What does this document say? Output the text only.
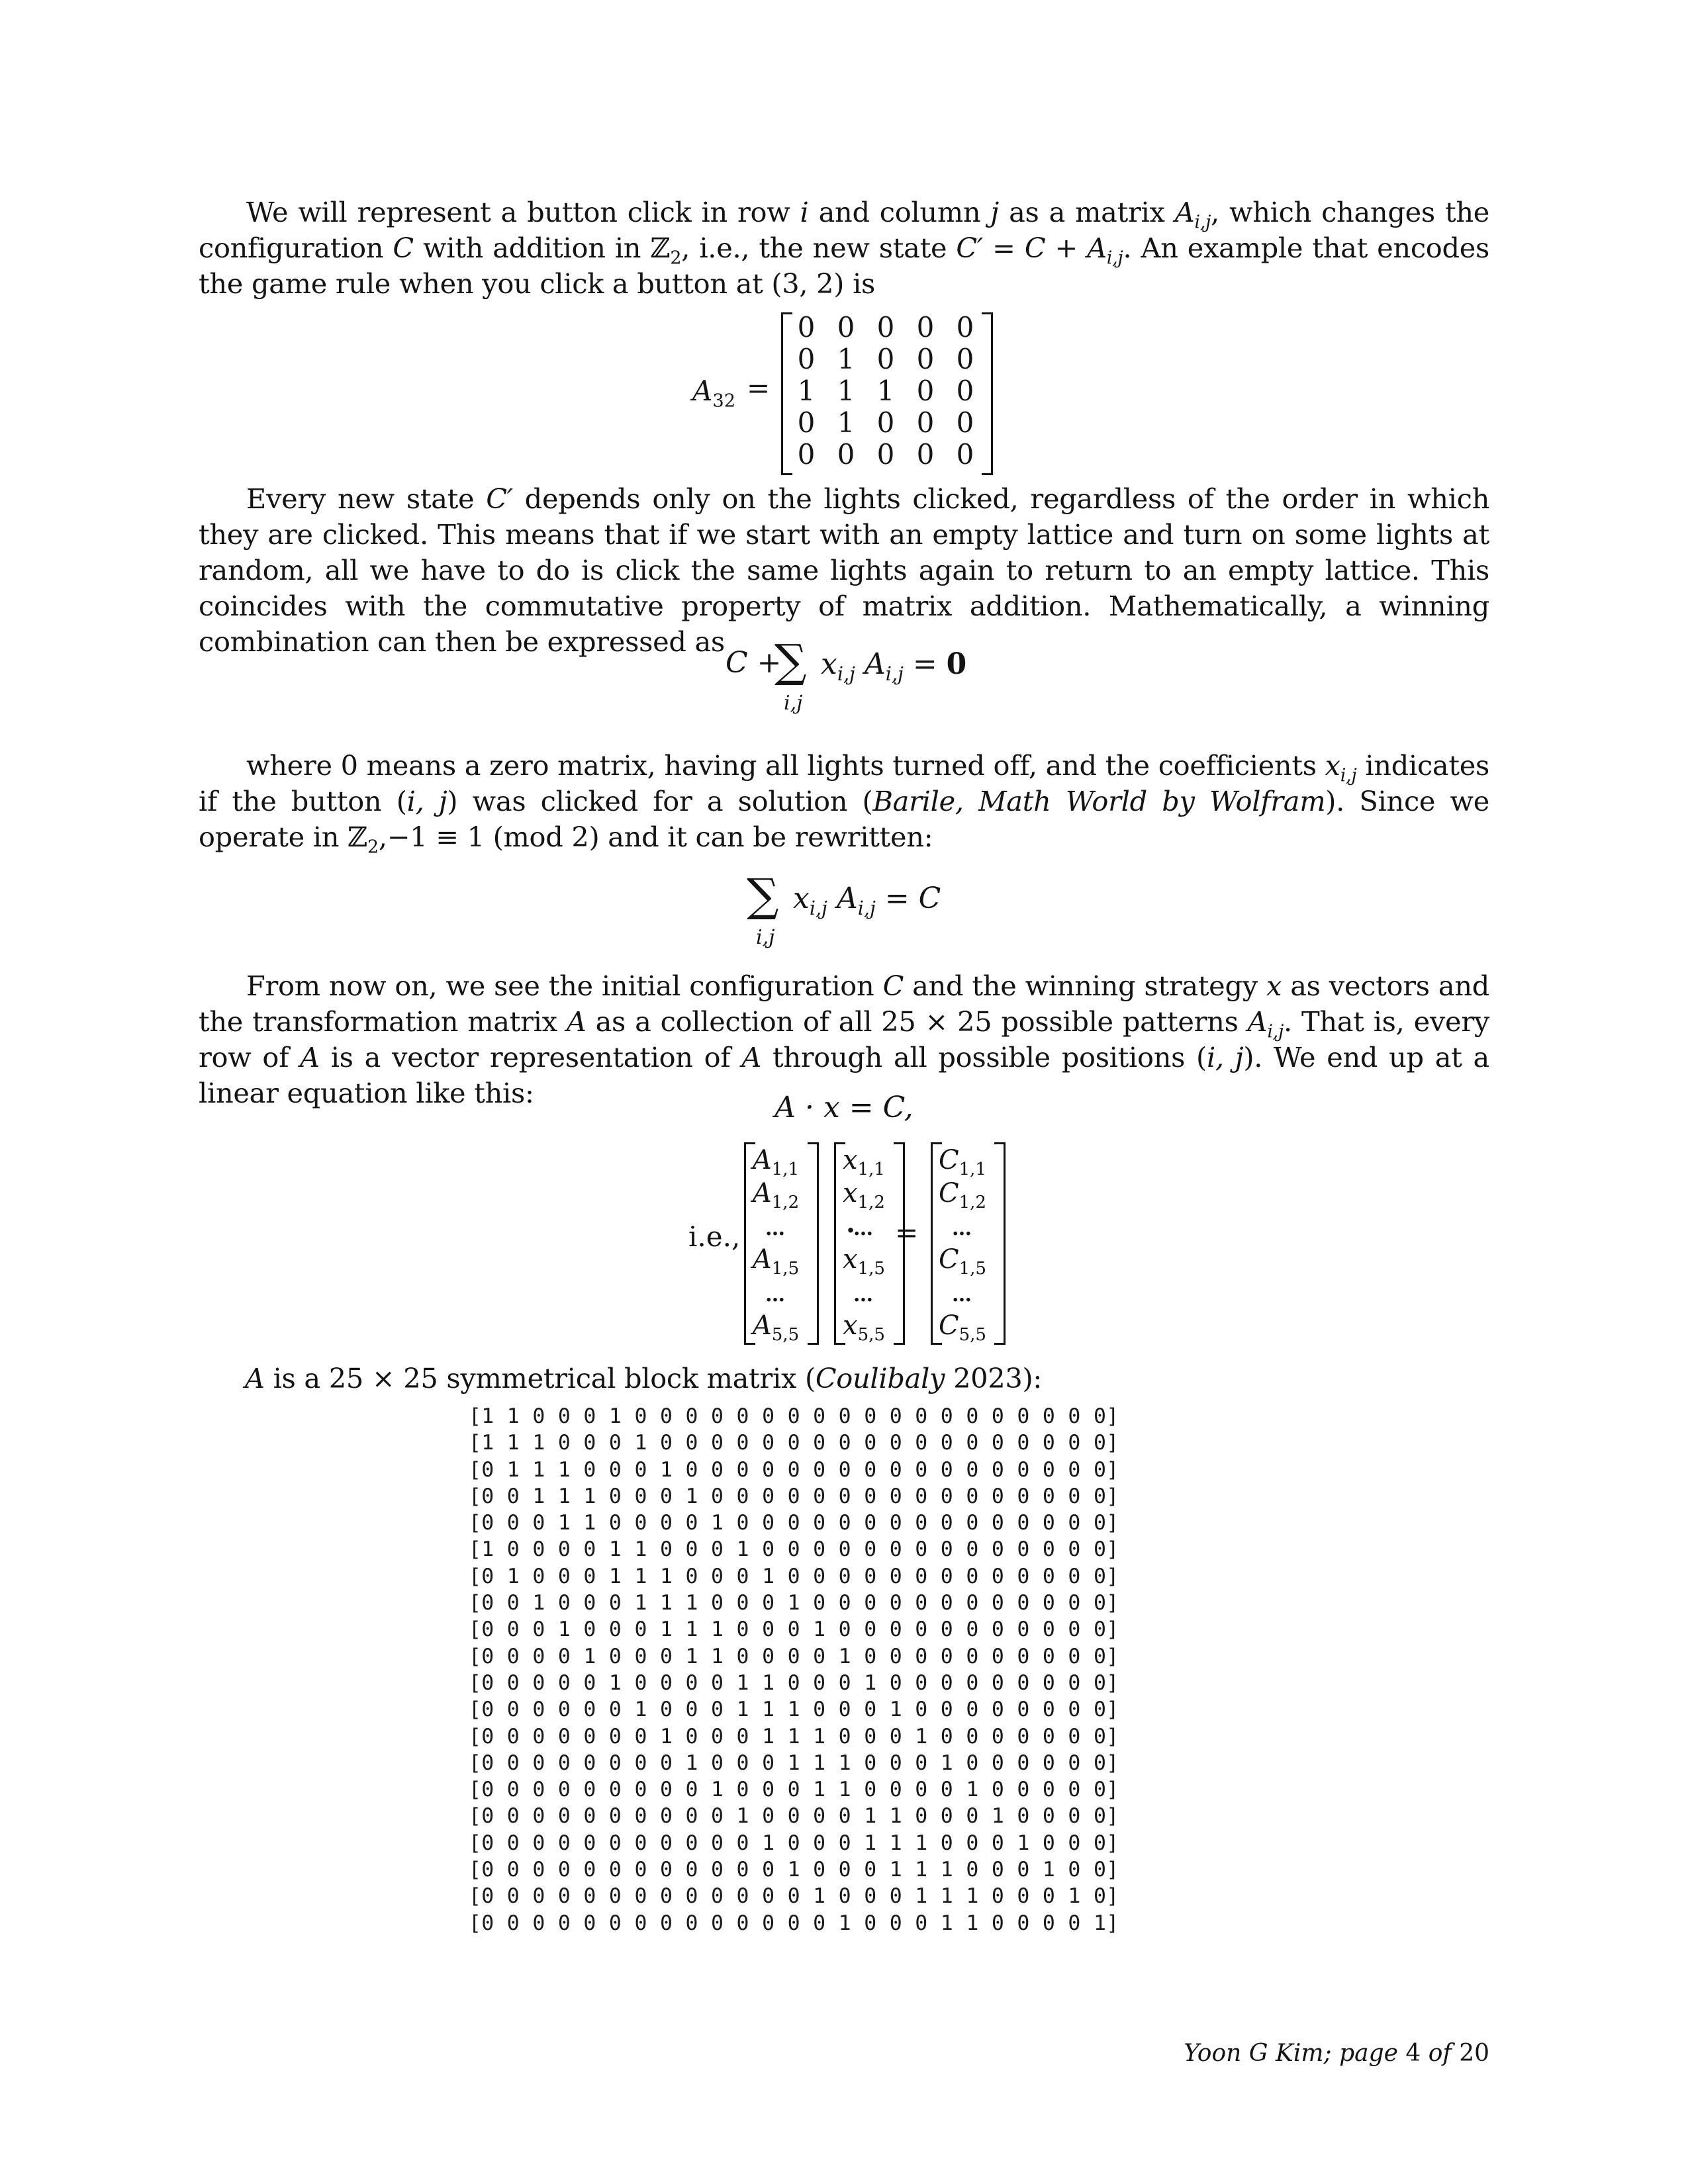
We will represent a button click in row i and column j as a matrix $A_{i,j}$, which changes the configuration C with addition in ℤ$_2$, i.e., the new state $C' = C + A_{i,j}$. An example that encodes the game rule when you click a button at (3, 2) is
$A_{32}$ =
0 0 0 0 0
0 1 0 0 0
1 1 1 0 0
0 1 0 0 0
0 0 0 0 0
Every new state C′ depends only on the lights clicked, regardless of the order in which they are clicked. This means that if we start with an empty lattice and turn on some lights at random, all we have to do is click the same lights again to return to an empty lattice. This coincides with the commutative property of matrix addition. Mathematically, a winning combination can then be expressed as
C +
∑
i,j
$x_{i,j}$ $A_{i,j} = 0$
where 0 means a zero matrix, having all lights turned off, and the coefficients $x_{i,j}$ indicates if the button (i, j) was clicked for a solution (Barile, Math World by Wolfram). Since we operate in ℤ$_2$,−1 ≡ 1 (mod 2) and it can be rewritten:
∑
i,j
$x_{i,j}$ $A_{i,j} = C$
From now on, we see the initial configuration C and the winning strategy x as vectors and the transformation matrix A as a collection of all 25 × 25 possible patterns $A_{i,j}$. That is, every row of A is a vector representation of A through all possible positions (i, j). We end up at a linear equation like this:	A · x = C,
i.e.,
$A_{1,1}$
$A_{1,2}$
…
$A_{1,5}$
…
$A_{5,5}$
·
$x_{1,1}$
$x_{1,2}$
…
$x_{1,5}$
…
$x_{5,5}$
=
$C_{1,1}$
$C_{1,2}$
…
$C_{1,5}$
…
$C_{5,5}$
A is a 25 × 25 symmetrical block matrix (Coulibaly 2023):
[1 1 0 0 0 1 0 0 0 0 0 0 0 0 0 0 0 0 0 0 0 0 0 0 0]
[1 1 1 0 0 0 1 0 0 0 0 0 0 0 0 0 0 0 0 0 0 0 0 0 0]
[0 1 1 1 0 0 0 1 0 0 0 0 0 0 0 0 0 0 0 0 0 0 0 0 0]
[0 0 1 1 1 0 0 0 1 0 0 0 0 0 0 0 0 0 0 0 0 0 0 0 0]
[0 0 0 1 1 0 0 0 0 1 0 0 0 0 0 0 0 0 0 0 0 0 0 0 0]
[1 0 0 0 0 1 1 0 0 0 1 0 0 0 0 0 0 0 0 0 0 0 0 0 0]
[0 1 0 0 0 1 1 1 0 0 0 1 0 0 0 0 0 0 0 0 0 0 0 0 0]
[0 0 1 0 0 0 1 1 1 0 0 0 1 0 0 0 0 0 0 0 0 0 0 0 0]
[0 0 0 1 0 0 0 1 1 1 0 0 0 1 0 0 0 0 0 0 0 0 0 0 0]
[0 0 0 0 1 0 0 0 1 1 0 0 0 0 1 0 0 0 0 0 0 0 0 0 0]
[0 0 0 0 0 1 0 0 0 0 1 1 0 0 0 1 0 0 0 0 0 0 0 0 0]
[0 0 0 0 0 0 1 0 0 0 1 1 1 0 0 0 1 0 0 0 0 0 0 0 0]
[0 0 0 0 0 0 0 1 0 0 0 1 1 1 0 0 0 1 0 0 0 0 0 0 0]
[0 0 0 0 0 0 0 0 1 0 0 0 1 1 1 0 0 0 1 0 0 0 0 0 0]
[0 0 0 0 0 0 0 0 0 1 0 0 0 1 1 0 0 0 0 1 0 0 0 0 0]
[0 0 0 0 0 0 0 0 0 0 1 0 0 0 0 1 1 0 0 0 1 0 0 0 0]
[0 0 0 0 0 0 0 0 0 0 0 1 0 0 0 1 1 1 0 0 0 1 0 0 0]
[0 0 0 0 0 0 0 0 0 0 0 0 1 0 0 0 1 1 1 0 0 0 1 0 0]
[0 0 0 0 0 0 0 0 0 0 0 0 0 1 0 0 0 1 1 1 0 0 0 1 0]
[0 0 0 0 0 0 0 0 0 0 0 0 0 0 1 0 0 0 1 1 0 0 0 0 1]
Yoon G Kim; page 4 of 20
